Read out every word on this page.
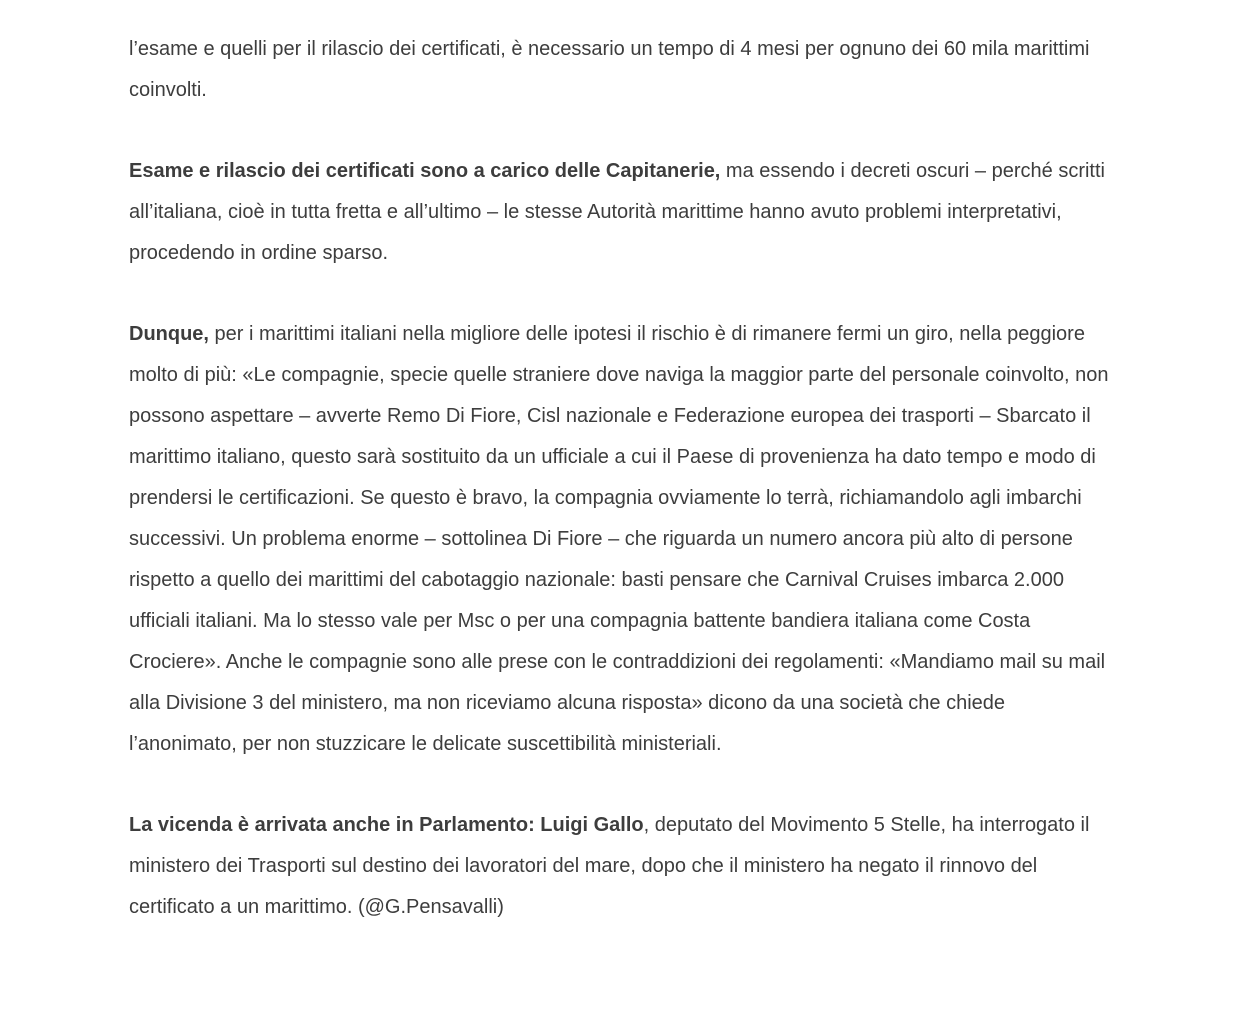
l’esame e quelli per il rilascio dei certificati, è necessario un tempo di 4 mesi per ognuno dei 60 mila marittimi coinvolti.

Esame e rilascio dei certificati sono a carico delle Capitanerie, ma essendo i decreti oscuri – perché scritti all’italiana, cioè in tutta fretta e all’ultimo – le stesse Autorità marittime hanno avuto problemi interpretativi, procedendo in ordine sparso.

Dunque, per i marittimi italiani nella migliore delle ipotesi il rischio è di rimanere fermi un giro, nella peggiore molto di più: «Le compagnie, specie quelle straniere dove naviga la maggior parte del personale coinvolto, non possono aspettare – avverte Remo Di Fiore, Cisl nazionale e Federazione europea dei trasporti – Sbarcato il marittimo italiano, questo sarà sostituito da un ufficiale a cui il Paese di provenienza ha dato tempo e modo di prendersi le certificazioni. Se questo è bravo, la compagnia ovviamente lo terrà, richiamandolo agli imbarchi successivi. Un problema enorme – sottolinea Di Fiore – che riguarda un numero ancora più alto di persone rispetto a quello dei marittimi del cabotaggio nazionale: basti pensare che Carnival Cruises imbarca 2.000 ufficiali italiani. Ma lo stesso vale per Msc o per una compagnia battente bandiera italiana come Costa Crociere». Anche le compagnie sono alle prese con le contraddizioni dei regolamenti: «Mandiamo mail su mail alla Divisione 3 del ministero, ma non riceviamo alcuna risposta» dicono da una società che chiede l’anonimato, per non stuzzicare le delicate suscettibilità ministeriali.

La vicenda è arrivata anche in Parlamento: Luigi Gallo, deputato del Movimento 5 Stelle, ha interrogato il ministero dei Trasporti sul destino dei lavoratori del mare, dopo che il ministero ha negato il rinnovo del certificato a un marittimo. (@G.Pensavalli)
